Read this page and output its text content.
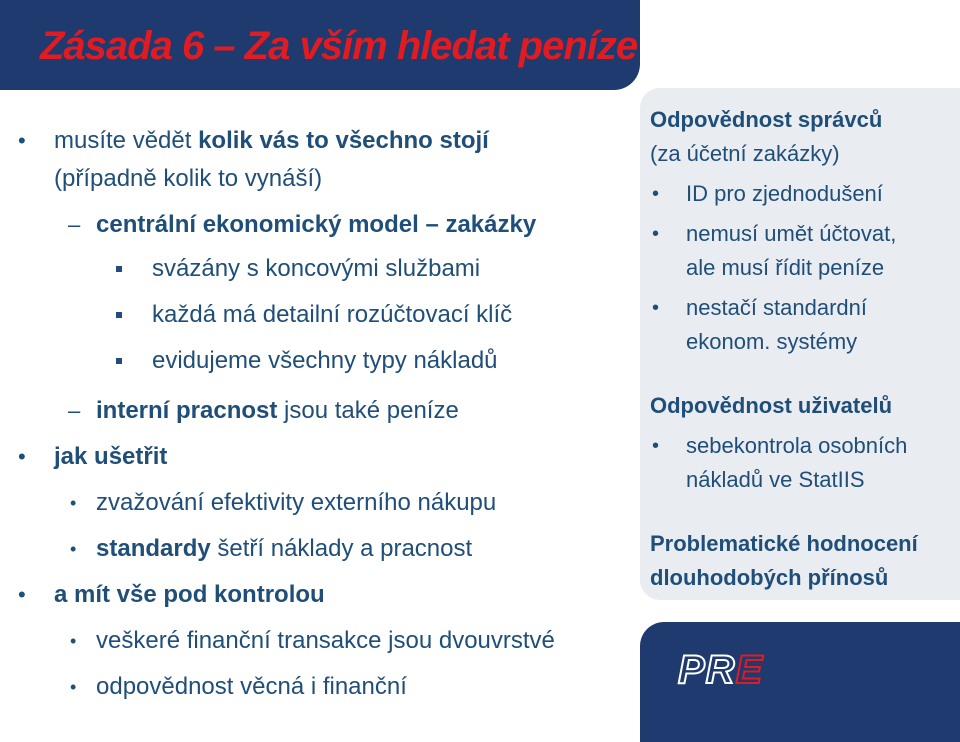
Zásada 6 – Za vším hledat peníze
• musíte vědět kolik vás to všechno stojí
(případně kolik to vynáší)
– centrální ekonomický model – zakázky
svázány s koncovými službami
každá má detailní rozúčtovací klíč
evidujeme všechny typy nákladů
– interní pracnost jsou také peníze
• jak ušetřit
• zvažování efektivity externího nákupu
• standardy šetří náklady a pracnost
• a mít vše pod kontrolou
• veškeré finanční transakce jsou dvouvrstvé
• odpovědnost věcná i finanční
Odpovědnost správců
(za účetní zakázky)
• ID pro zjednodušení
• nemusí umět účtovat,
ale musí řídit peníze
• nestačí standardní
ekonom. systémy
Odpovědnost uživatelů
• sebekontrola osobních
nákladů ve StatIIS
Problematické hodnocení
dlouhodobých přínosů
PRE
